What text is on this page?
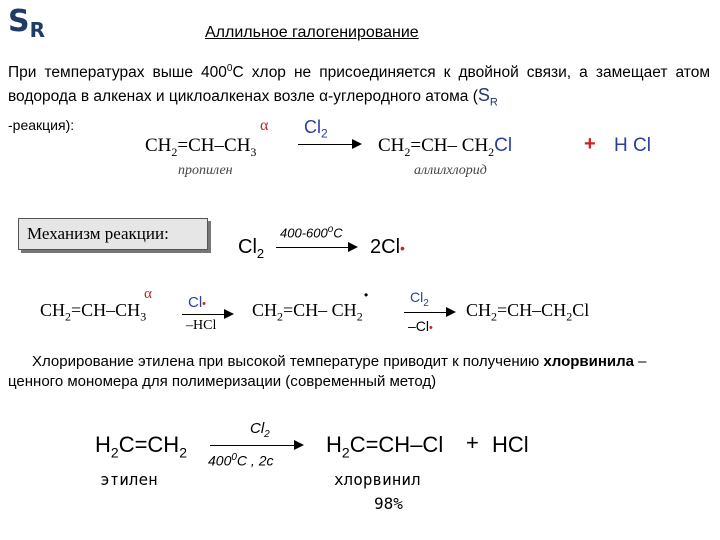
$S_R$	Аллильное галогенирование
При температурах выше $400^0С$ хлор не присоединяется к двойной связи, а замещает атом водорода в алкенах и циклоалкенах возле α-углеродного атома ($S_R$
-реакция):
$CH_2=CH-CH_3$
α $Cl_2$
$CH_2=CH-$ $CH_2Cl$	+ H Cl
пропилен	аллилхлорид
Механизм реакции:
$Cl_2$
400-600$^o$C
2Cl•
$CH_2=CH-CH_3$
α Cl•
–HCl
$CH_2=CH-$ $CH_2$
•	$Cl_2$
–Cl•
$CH_2=CH-CH_2Cl$
Хлорирование этилена при высокой температуре приводит к получению хлорвинила –
ценного мономера для полимеризации (современный метод)
$H_2C=CH_2$
$Cl_2$
$400^0C$ , 2c
$H_2C=CH-Cl$ + HCl
этилен	хлорвинил
98%
